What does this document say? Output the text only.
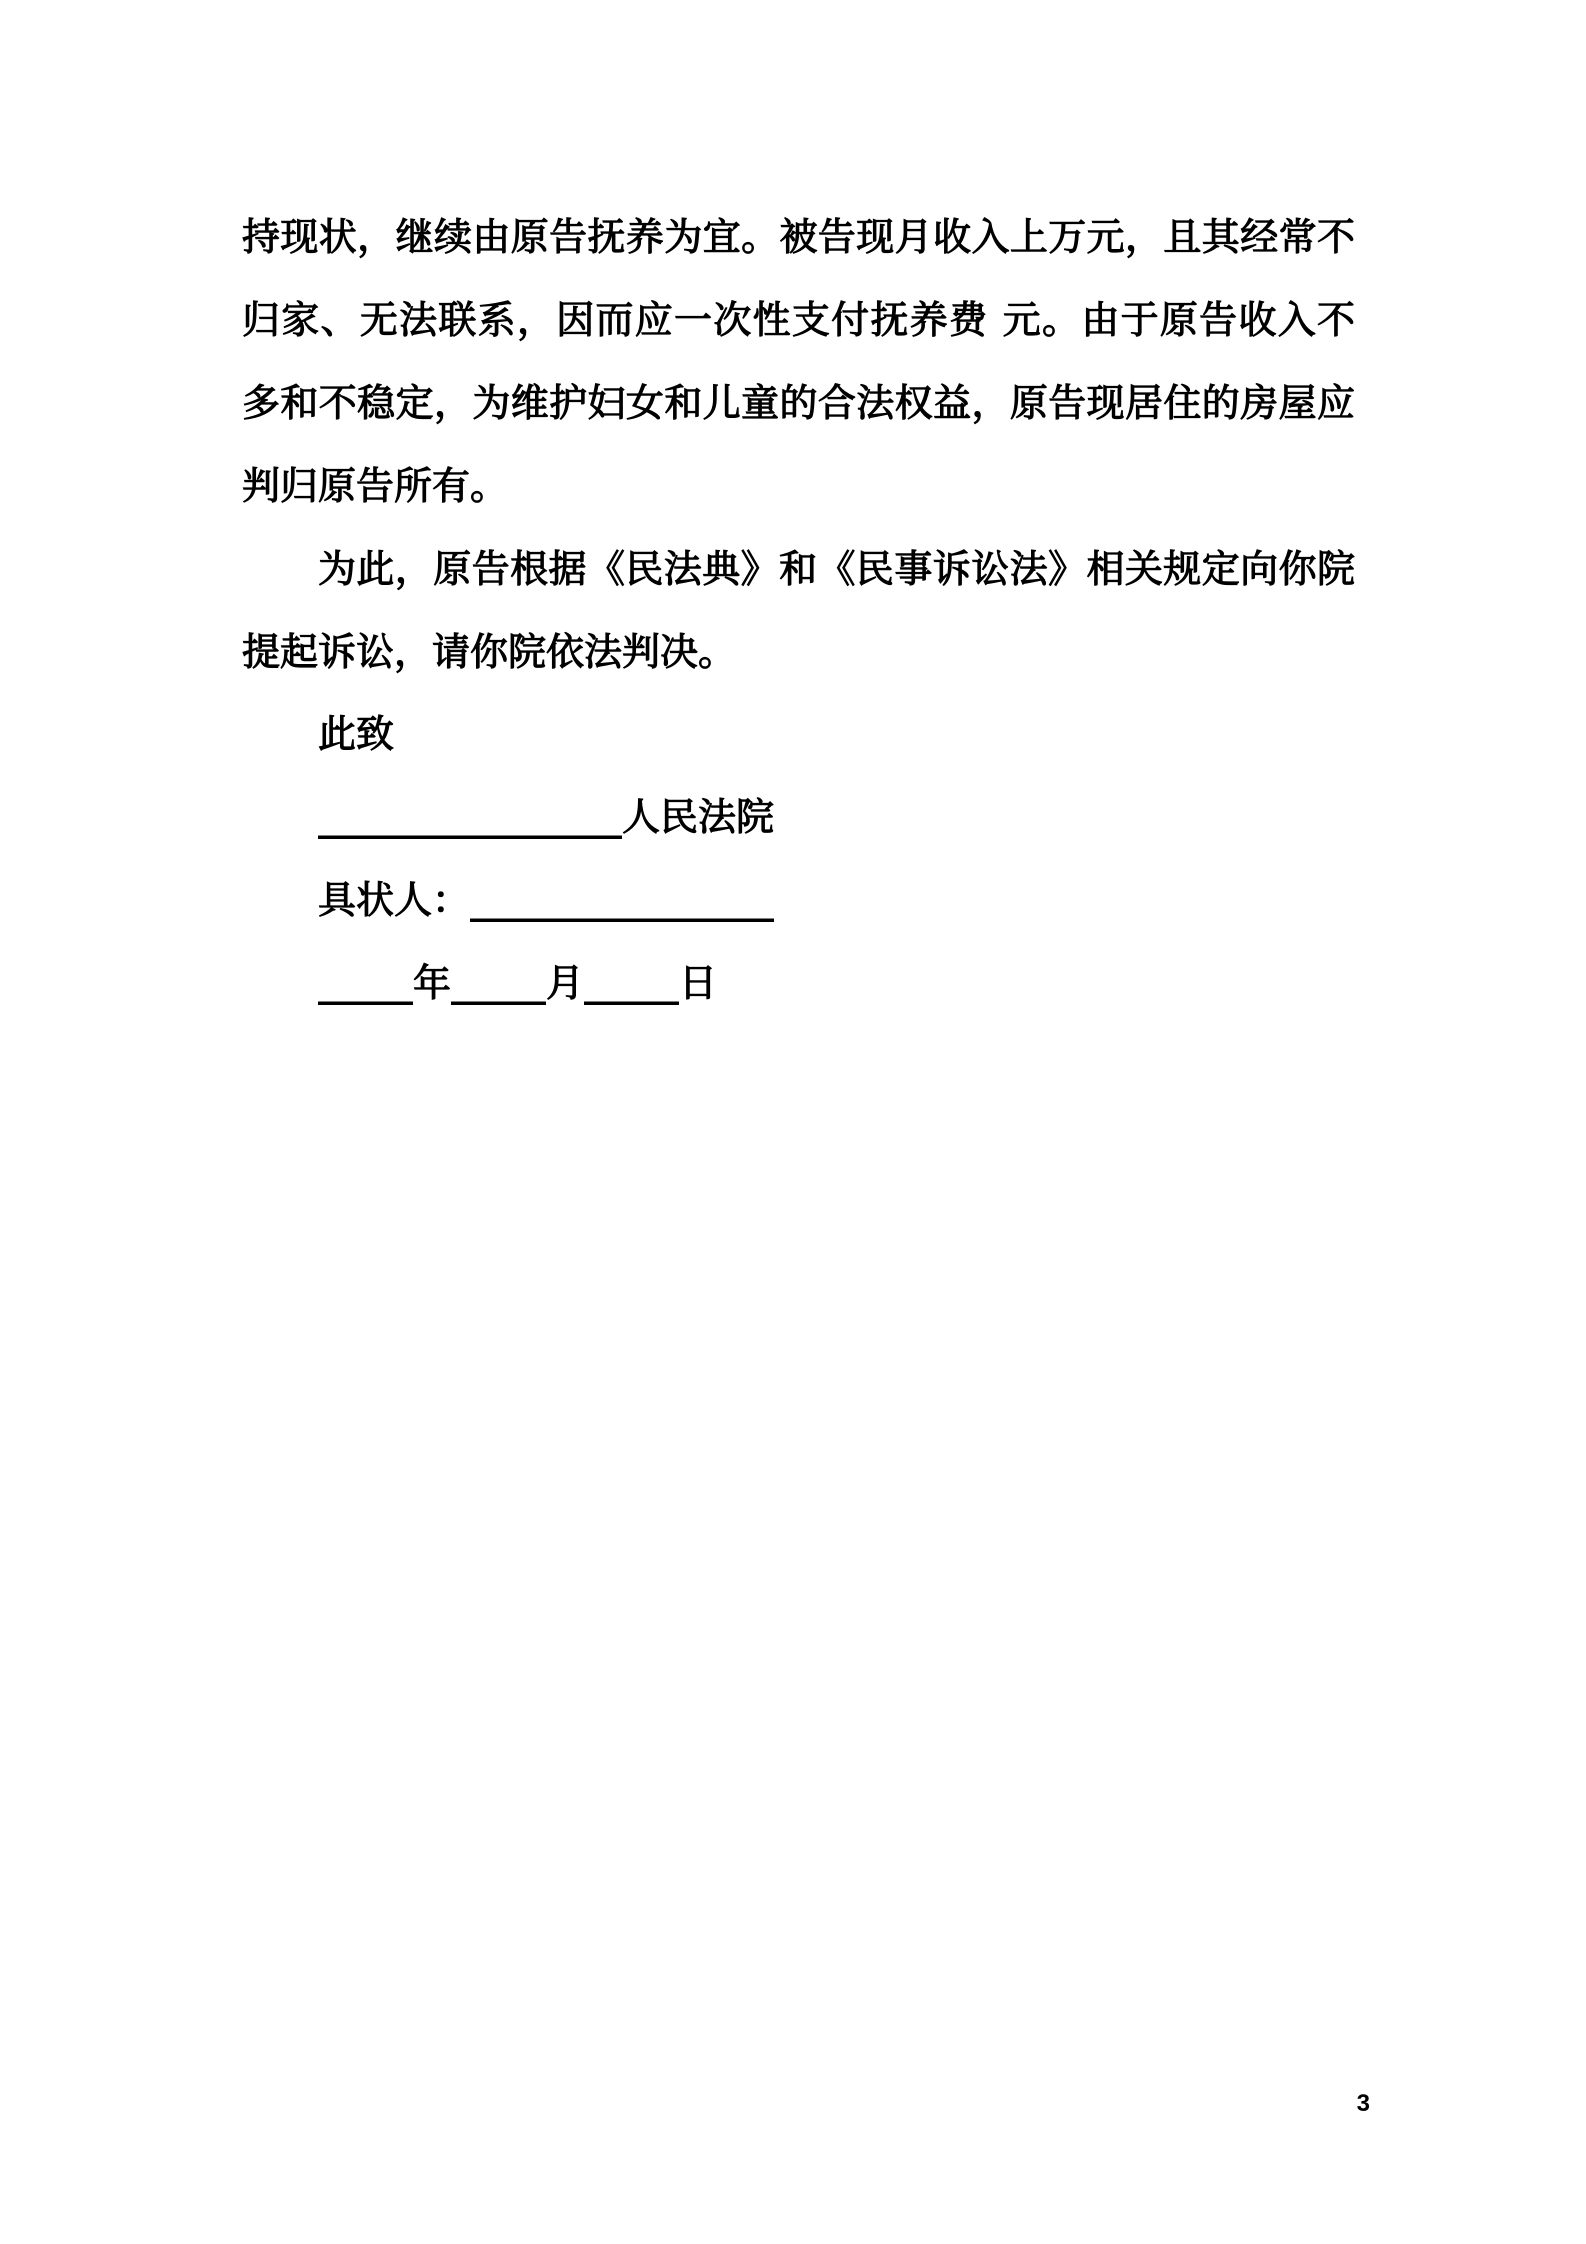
持现状，继续由原告抚养为宜。被告现月收入上万元，且其经常不归家、无法联系，因而应一次性支付抚养费 元。由于原告收入不多和不稳定，为维护妇女和儿童的合法权益，原告现居住的房屋应判归原告所有。

为此，原告根据《民法典》和《民事诉讼法》相关规定向你院提起诉讼，请你院依法判决。

此致

________________人民法院

具状人：________________

_____年_____月_____日

3
